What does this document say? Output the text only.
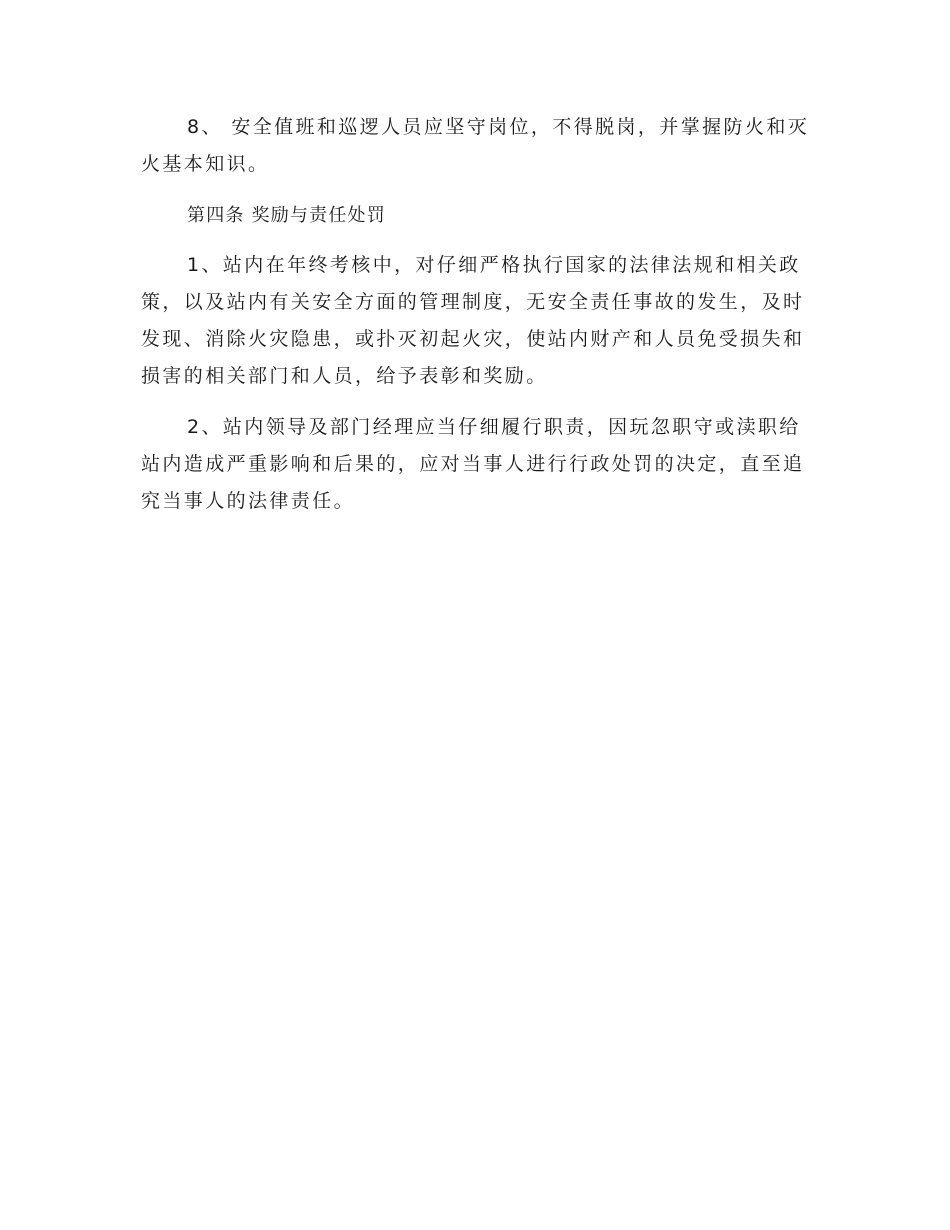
8、 安全值班和巡逻人员应坚守岗位，不得脱岗，并掌握防火和灭火基本知识。

第四条 奖励与责任处罚

1、站内在年终考核中，对仔细严格执行国家的法律法规和相关政策，以及站内有关安全方面的管理制度，无安全责任事故的发生，及时发现、消除火灾隐患，或扑灭初起火灾，使站内财产和人员免受损失和损害的相关部门和人员，给予表彰和奖励。

2、站内领导及部门经理应当仔细履行职责，因玩忽职守或渎职给站内造成严重影响和后果的，应对当事人进行行政处罚的决定，直至追究当事人的法律责任。
